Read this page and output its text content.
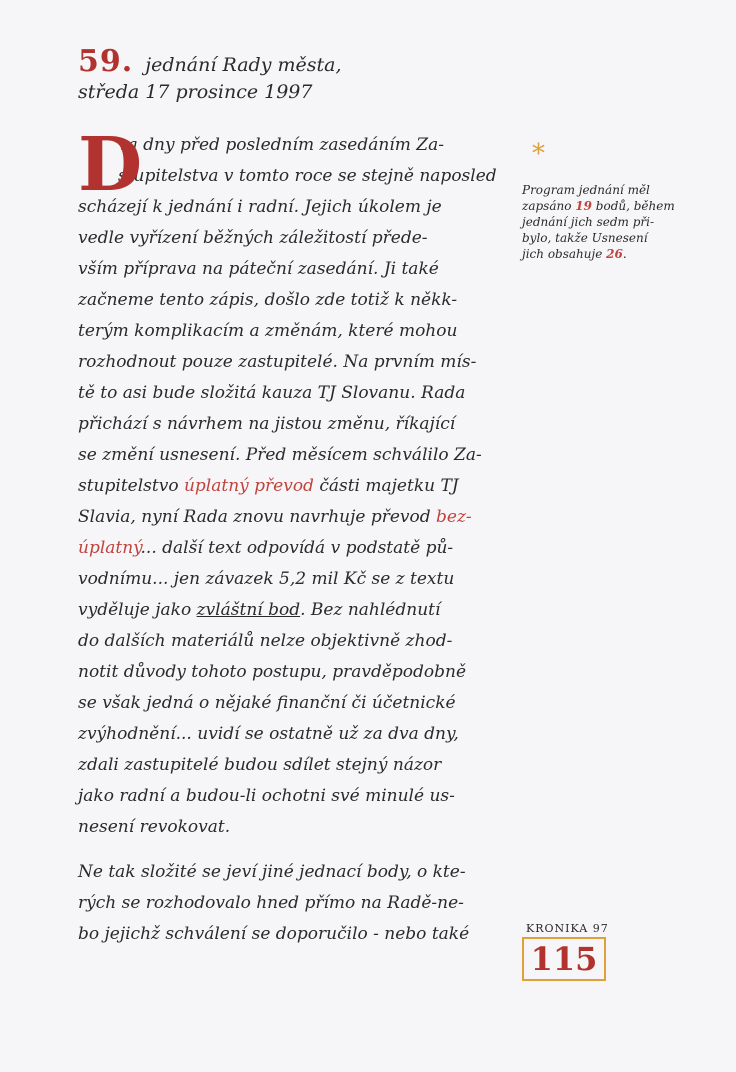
59. jednání Rady města,
středa 17 prosince 1997
D

va dny před posledním zasedáním Za-
stupitelstva v tomto roce se stejně naposled
scházejí k jednání i radní. Jejich úkolem je
vedle vyřízení běžných záležitostí přede-
vším příprava na páteční zasedání. Ji také
začneme tento zápis, došlo zde totiž k někk-
terým komplikacím a změnám, které mohou
rozhodnout pouze zastupitelé. Na prvním mís-
tě to asi bude složitá kauza TJ Slovanu. Rada
přichází s návrhem na jistou změnu, říkající
se změní usnesení. Před měsícem schválilo Za-
stupitelstvo úplatný převod části majetku TJ
Slavia, nyní Rada znovu navrhuje převod bez-
úplatný... další text odpovídá v podstatě pů-
vodnímu... jen závazek 5,2 mil Kč se z textu
vyděluje jako zvláštní bod. Bez nahlédnutí
do dalších materiálů nelze objektivně zhod-
notit důvody tohoto postupu, pravděpodobně
se však jedná o nějaké finanční či účetnické
zvýhodnění... uvidí se ostatně už za dva dny,
zdali zastupitelé budou sdílet stejný názor
jako radní a budou-li ochotni své minulé us-
nesení revokovat.

Ne tak složité se jeví jiné jednací body, o kte-
rých se rozhodovalo hned přímo na Radě-ne-
bo jejichž schválení se doporučilo - nebo také

*
Program jednání měl
zapsáno 19 bodů, během
jednání jich sedm při-
bylo, takže Usnesení
jich obsahuje 26.
KRONIKA 97
115
